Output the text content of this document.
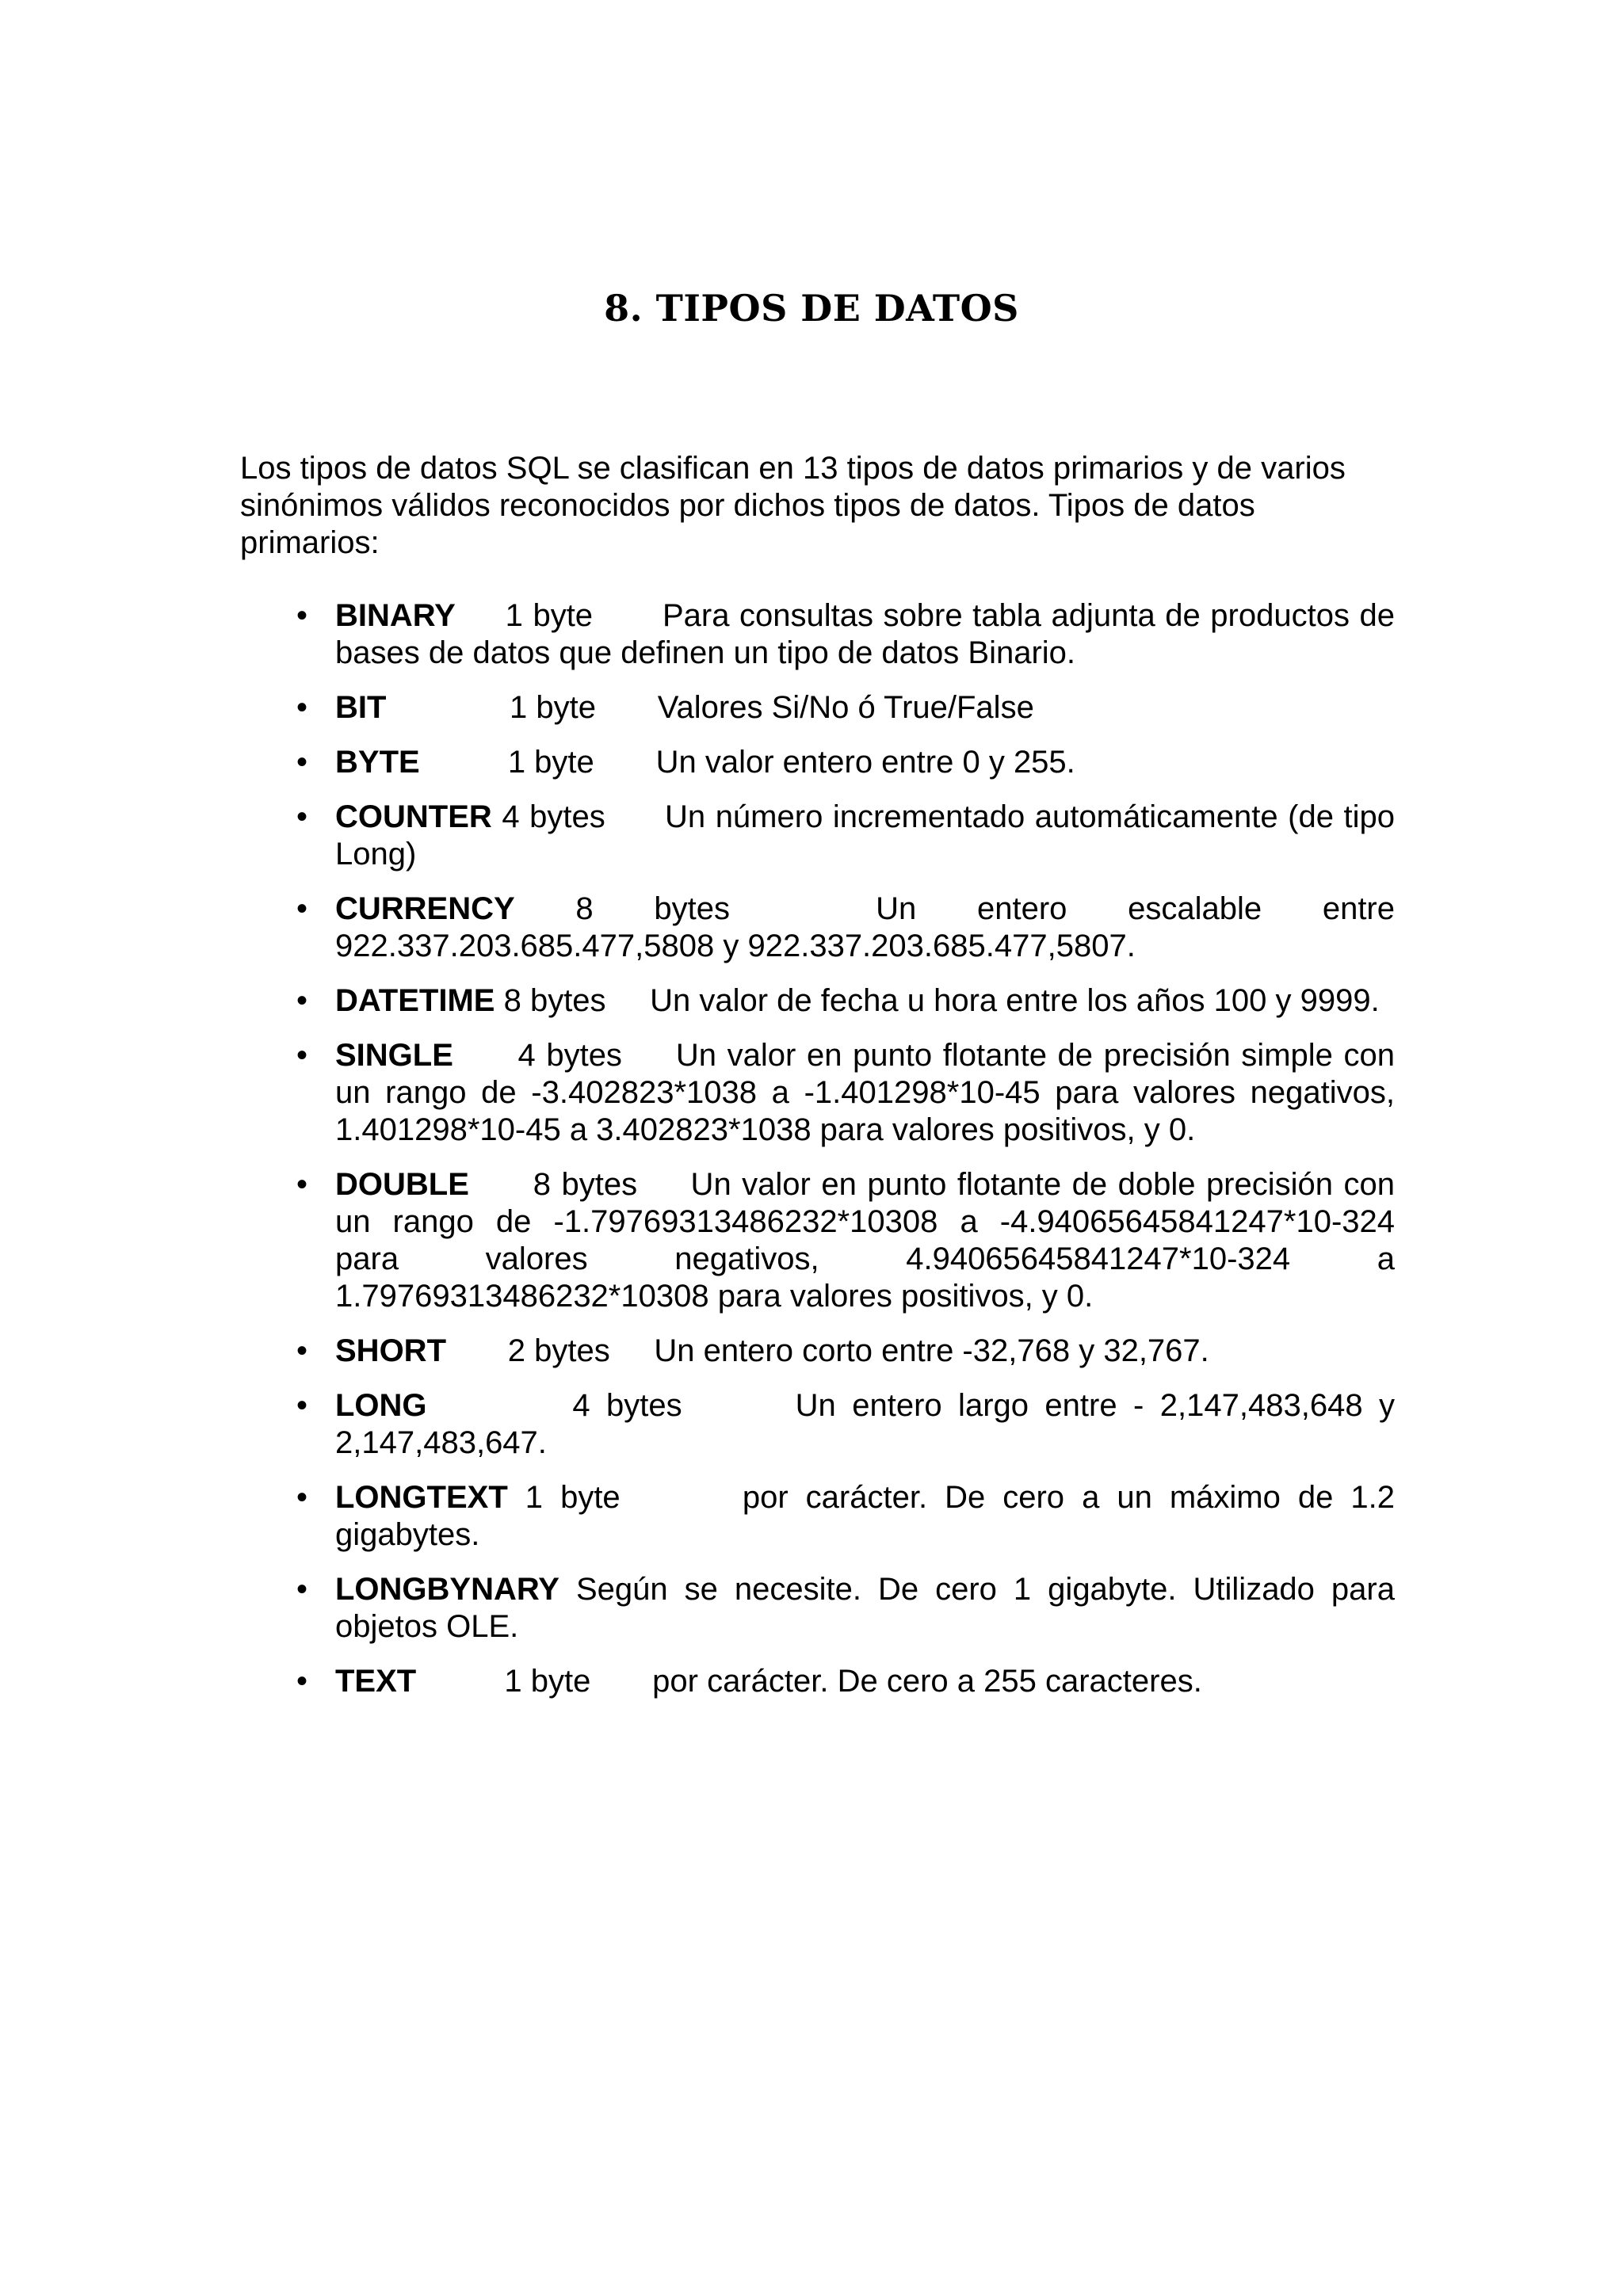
8. TIPOS DE DATOS

Los tipos de datos SQL se clasifican en 13 tipos de datos primarios y de varios sinónimos válidos reconocidos por dichos tipos de datos. Tipos de datos primarios:

• BINARY     1 byte       Para consultas sobre tabla adjunta de productos de bases de datos que definen un tipo de datos Binario.
• BIT              1 byte       Valores Si/No ó True/False
• BYTE          1 byte       Un valor entero entre 0 y 255.
• COUNTER 4 bytes      Un número incrementado automáticamente (de tipo Long)
• CURRENCY     8     bytes            Un     entero     escalable     entre 922.337.203.685.477,5808 y 922.337.203.685.477,5807.
• DATETIME 8 bytes     Un valor de fecha u hora entre los años 100 y 9999.
• SINGLE      4 bytes     Un valor en punto flotante de precisión simple con un rango de -3.402823*1038 a -1.401298*10-45 para valores negativos, 1.401298*10-45 a 3.402823*1038 para valores positivos, y 0.
• DOUBLE      8 bytes     Un valor en punto flotante de doble precisión con un rango de -1.79769313486232*10308 a -4.94065645841247*10-324 para valores negativos, 4.94065645841247*10-324 a 1.79769313486232*10308 para valores positivos, y 0.
• SHORT       2 bytes     Un entero corto entre -32,768 y 32,767.
• LONG         4 bytes       Un entero largo entre - 2,147,483,648 y 2,147,483,647.
• LONGTEXT 1 byte       por carácter. De cero a un máximo de 1.2 gigabytes.
• LONGBYNARY Según se necesite. De cero 1 gigabyte. Utilizado para objetos OLE.
• TEXT          1 byte       por carácter. De cero a 255 caracteres.
